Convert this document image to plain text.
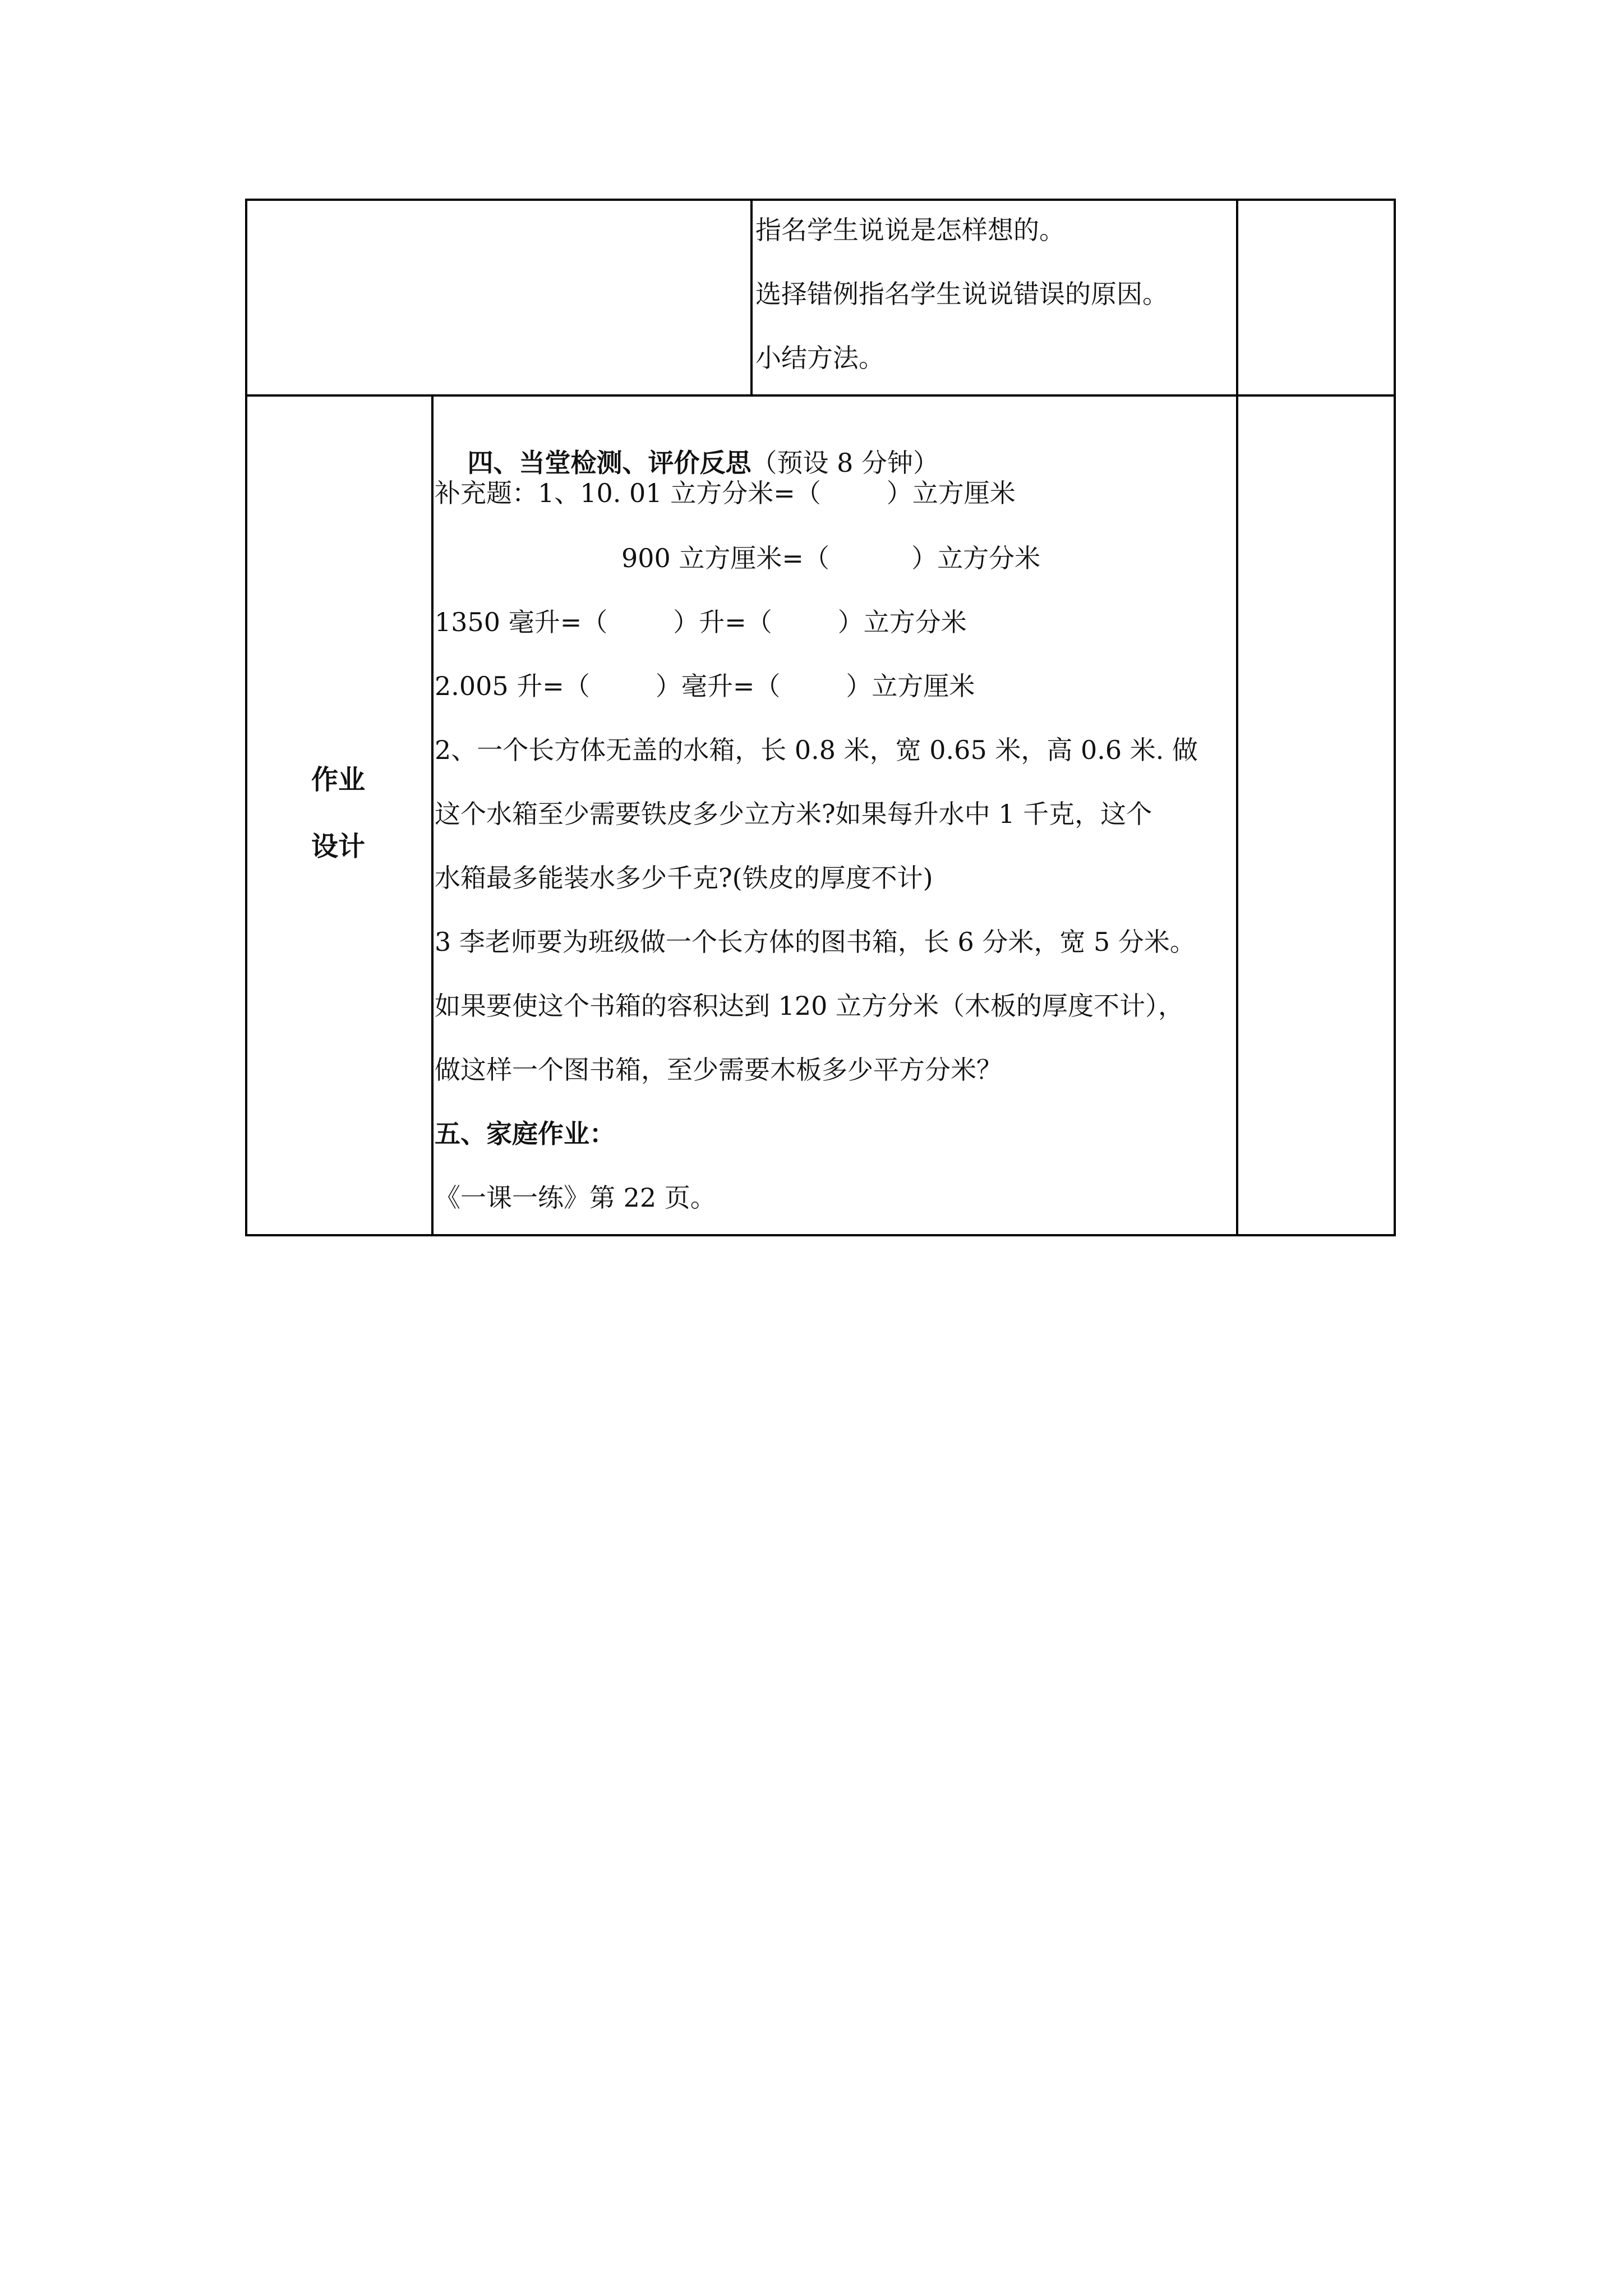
指名学生说说是怎样想的。
选择错例指名学生说说错误的原因。
小结方法。
作业
设计

四、当堂检测、评价反思（预设 8 分钟）

补充题：1、10. 01 立方分米=（        ）立方厘米
900 立方厘米=（          ）立方分米
1350 毫升=（        ）升=（        ）立方分米
2.005 升=（        ）毫升=（        ）立方厘米
2、一个长方体无盖的水箱，长 0.8 米，宽 0.65 米，高 0.6 米. 做
这个水箱至少需要铁皮多少立方米?如果每升水中 1 千克，这个
水箱最多能装水多少千克?(铁皮的厚度不计)
3 李老师要为班级做一个长方体的图书箱，长 6 分米，宽 5 分米。
如果要使这个书箱的容积达到 120 立方分米（木板的厚度不计），
做这样一个图书箱，至少需要木板多少平方分米？
五、家庭作业：
《一课一练》第 22 页。
